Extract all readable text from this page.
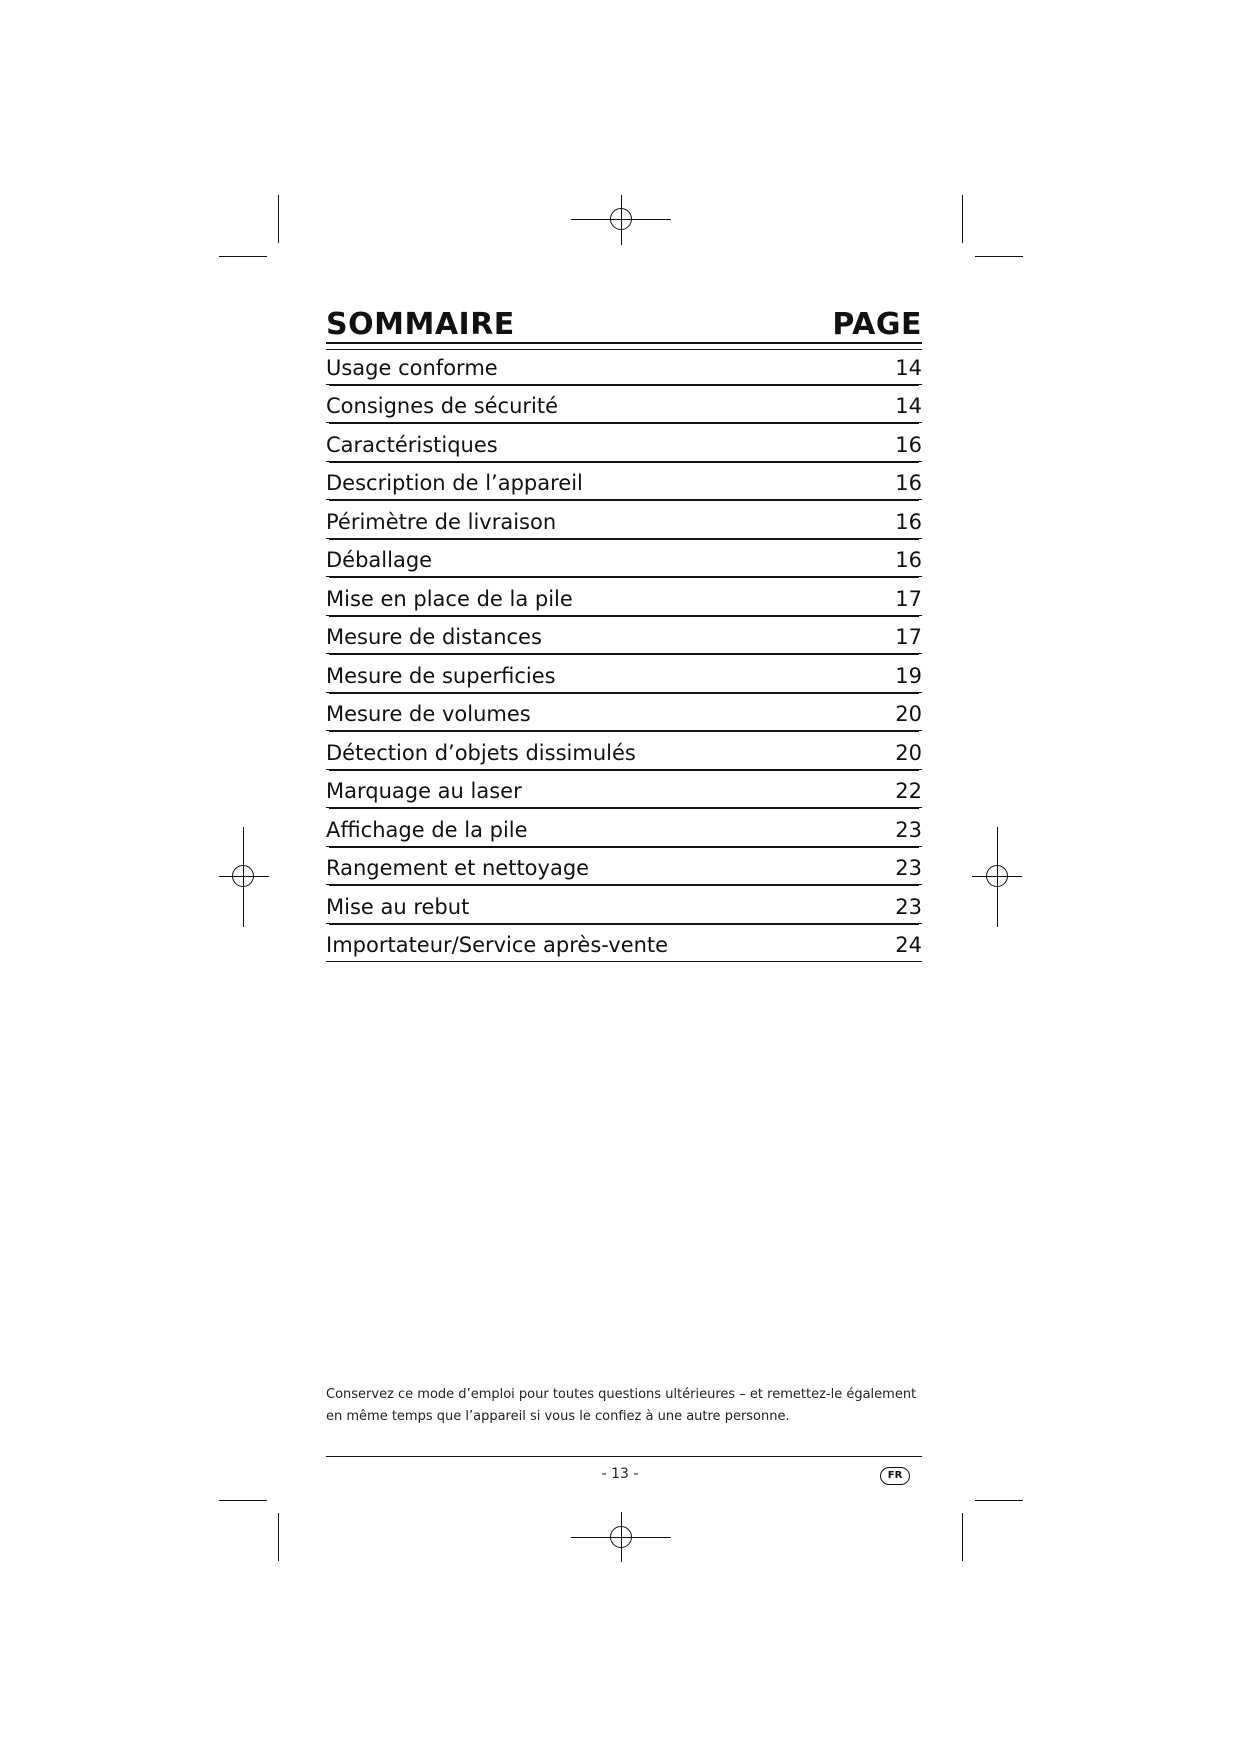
SOMMAIRE	PAGE
Usage conforme	14
Consignes de sécurité	14
Caractéristiques	16
Description de l’appareil	16
Périmètre de livraison	16
Déballage	16
Mise en place de la pile	17
Mesure de distances	17
Mesure de superficies	19
Mesure de volumes	20
Détection d’objets dissimulés	20
Marquage au laser	22
Affichage de la pile	23
Rangement et nettoyage	23
Mise au rebut	23
Importateur/Service après-vente	24

Conservez ce mode d’emploi pour toutes questions ultérieures – et remettez-le également

en même temps que l’appareil si vous le confiez à une autre personne.

- 13 -	FR
